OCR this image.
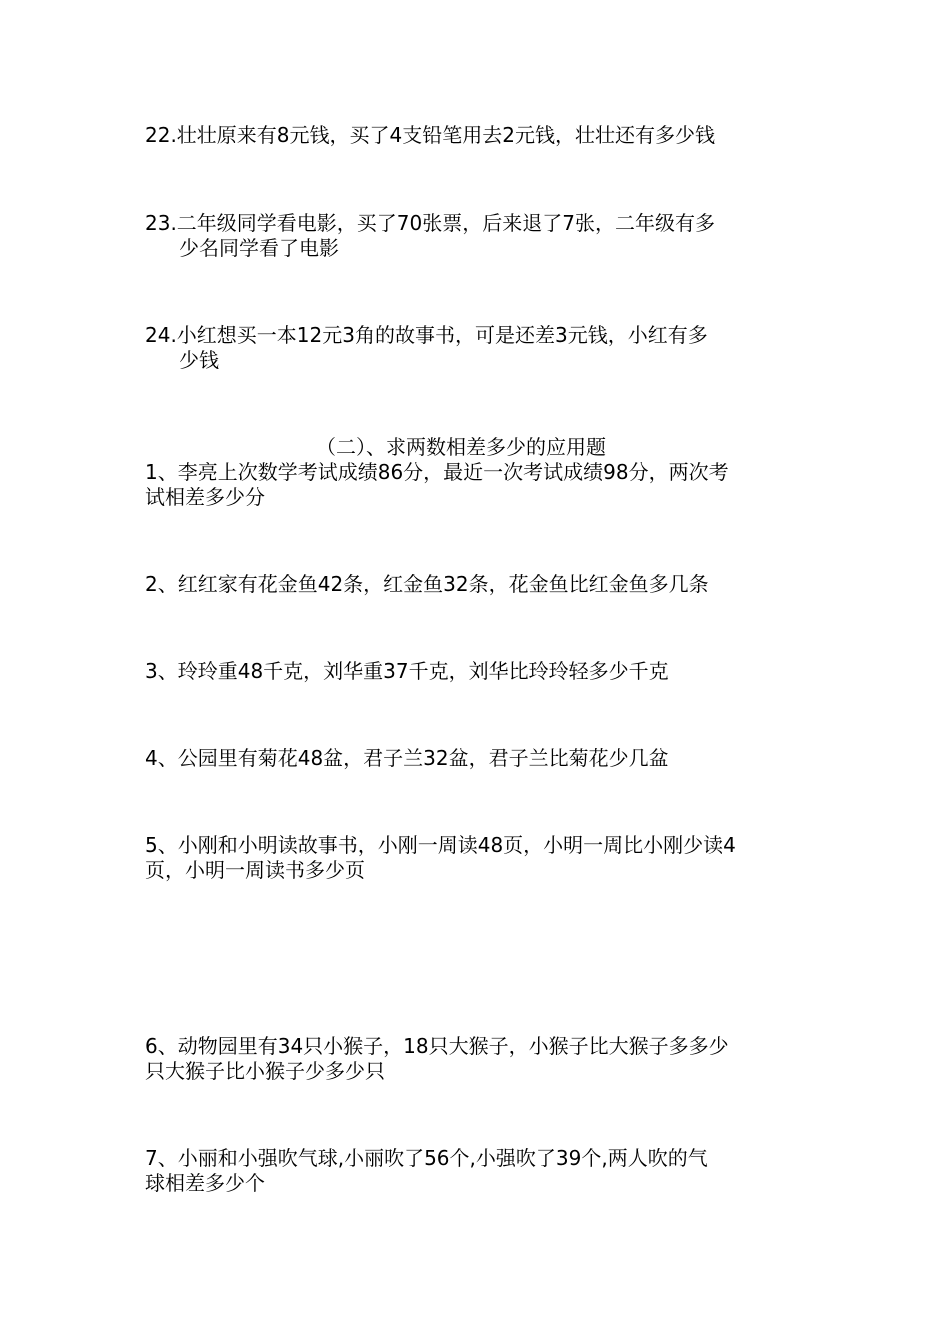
22.壮壮原来有8元钱，买了4支铅笔用去2元钱，壮壮还有多少钱
23.二年级同学看电影，买了70张票，后来退了7张，二年级有多
少名同学看了电影
24.小红想买一本12元3角的故事书，可是还差3元钱，小红有多
少钱
（二）、求两数相差多少的应用题
1、李亮上次数学考试成绩86分，最近一次考试成绩98分，两次考
试相差多少分
2、红红家有花金鱼42条，红金鱼32条，花金鱼比红金鱼多几条
3、玲玲重48千克，刘华重37千克，刘华比玲玲轻多少千克
4、公园里有菊花48盆，君子兰32盆，君子兰比菊花少几盆
5、小刚和小明读故事书，小刚一周读48页，小明一周比小刚少读4
页，小明一周读书多少页
6、动物园里有34只小猴子，18只大猴子，小猴子比大猴子多多少
只大猴子比小猴子少多少只
7、小丽和小强吹气球,小丽吹了56个,小强吹了39个,两人吹的气
球相差多少个
